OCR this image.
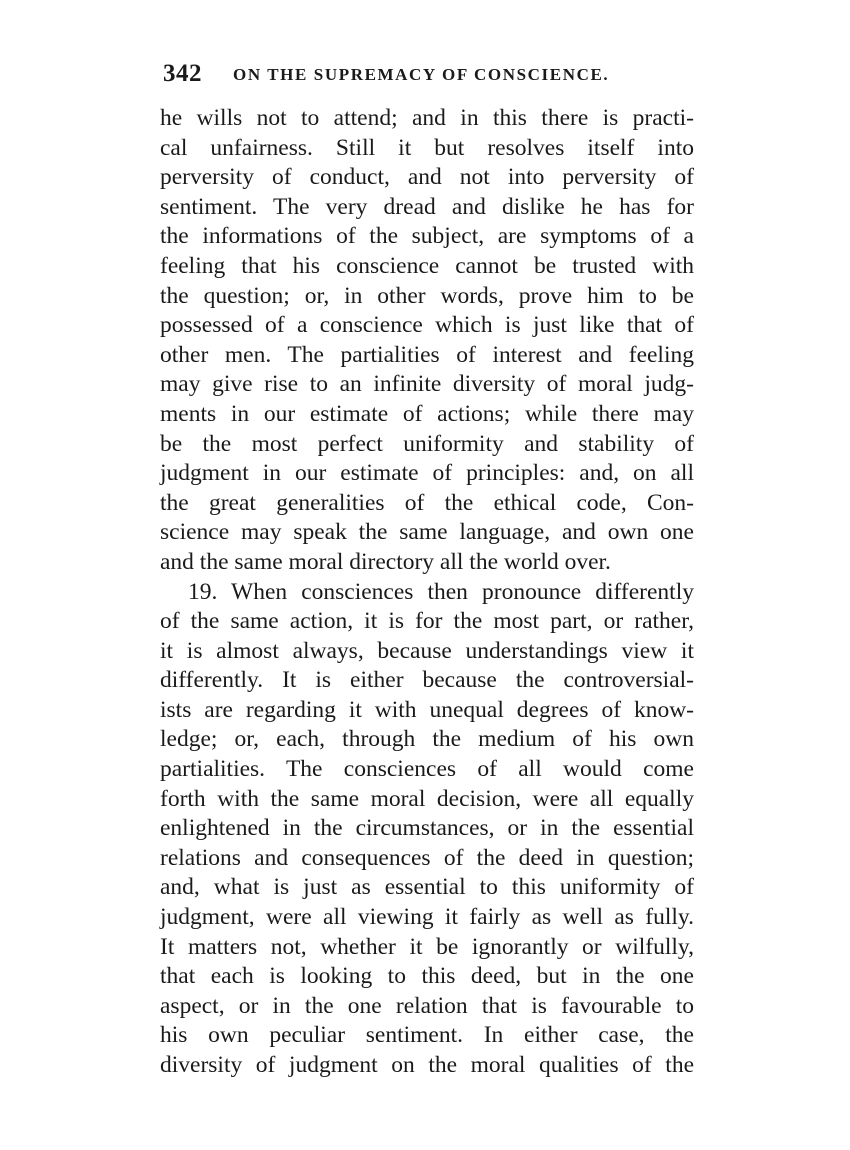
342 ON THE SUPREMACY OF CONSCIENCE.
he wills not to attend; and in this there is practi-
cal unfairness. Still it but resolves itself into
perversity of conduct, and not into perversity of
sentiment. The very dread and dislike he has for
the informations of the subject, are symptoms of a
feeling that his conscience cannot be trusted with
the question; or, in other words, prove him to be
possessed of a conscience which is just like that of
other men. The partialities of interest and feeling
may give rise to an infinite diversity of moral judg-
ments in our estimate of actions; while there may
be the most perfect uniformity and stability of
judgment in our estimate of principles: and, on all
the great generalities of the ethical code, Con-
science may speak the same language, and own one
and the same moral directory all the world over.
19. When consciences then pronounce differently
of the same action, it is for the most part, or rather,
it is almost always, because understandings view it
differently. It is either because the controversial-
ists are regarding it with unequal degrees of know-
ledge; or, each, through the medium of his own
partialities. The consciences of all would come
forth with the same moral decision, were all equally
enlightened in the circumstances, or in the essential
relations and consequences of the deed in question;
and, what is just as essential to this uniformity of
judgment, were all viewing it fairly as well as fully.
It matters not, whether it be ignorantly or wilfully,
that each is looking to this deed, but in the one
aspect, or in the one relation that is favourable to
his own peculiar sentiment. In either case, the
diversity of judgment on the moral qualities of the
